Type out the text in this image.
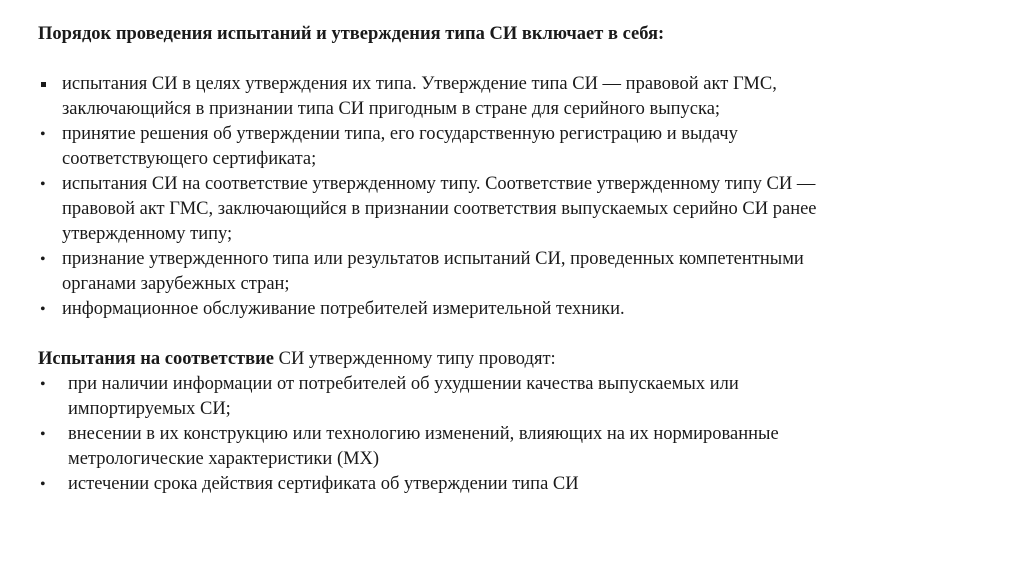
Порядок проведения испытаний и утверждения типа СИ включает в себя:

испытания СИ в целях утверждения их типа. Утверждение типа СИ — правовой акт ГМС,
заключающийся в признании типа СИ пригодным в стране для серийного выпуска;
• принятие решения об утверждении типа, его государственную регистрацию и выдачу
соответствующего сертификата;
• испытания СИ на соответствие утвержденному типу. Соответствие утвержденному типу СИ —
правовой акт ГМС, заключающийся в признании соответствия выпускаемых серийно СИ ранее
утвержденному типу;
• признание утвержденного типа или результатов испытаний СИ, проведенных компетентными
органами зарубежных стран;
• информационное обслуживание потребителей измерительной техники.

Испытания на соответствие СИ утвержденному типу проводят:

• при наличии информации от потребителей об ухудшении качества выпускаемых или
импортируемых СИ;
• внесении в их конструкцию или технологию изменений, влияющих на их нормированные
метрологические характеристики (МХ)
• истечении срока действия сертификата об утверждении типа СИ
